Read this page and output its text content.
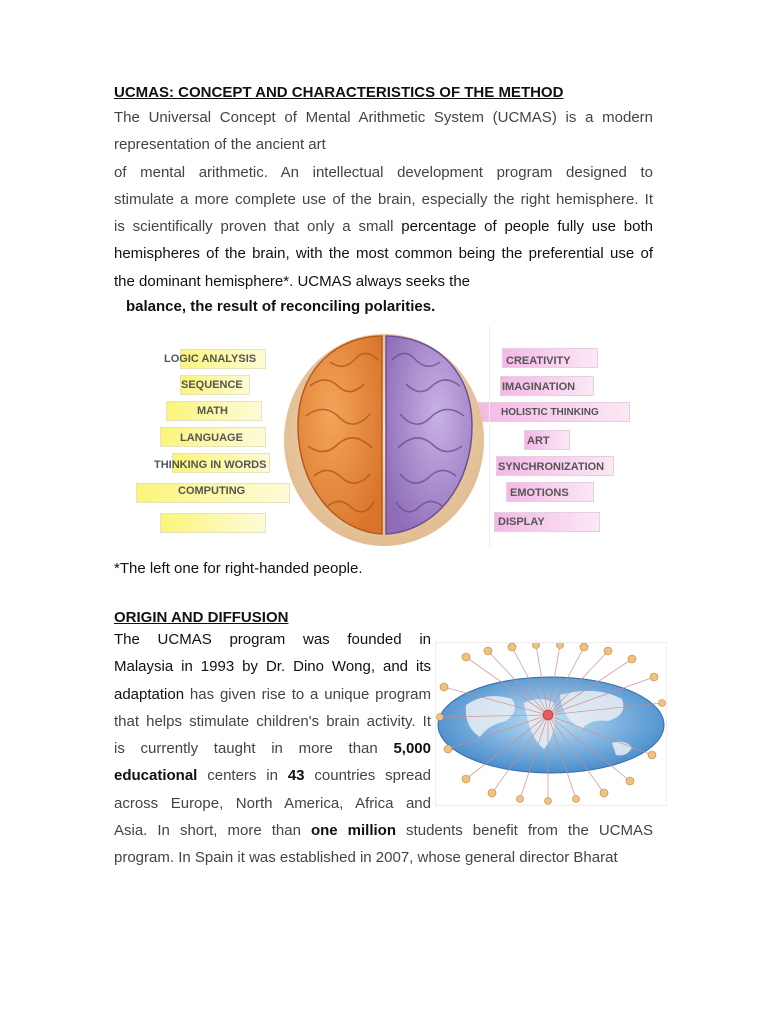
UCMAS: CONCEPT AND CHARACTERISTICS OF THE METHOD
The Universal Concept of Mental Arithmetic System (UCMAS) is a modern
representation of the ancient art
of mental arithmetic. An intellectual development program designed to
stimulate a more complete use of the brain, especially the right hemisphere. It
is scientifically proven that only a small percentage of people fully use both
hemispheres of the brain, with the most common being the preferential use of
the dominant hemisphere*. UCMAS always seeks the
balance, the result of reconciling polarities.
LOGIC ANALYSIS
SEQUENCE
MATH
LANGUAGE
THINKING IN WORDS
COMPUTING
CREATIVITY
IMAGINATION
HOLISTIC THINKING
ART
SYNCHRONIZATION
EMOTIONS
DISPLAY
*The left one for right-handed people.
ORIGIN AND DIFFUSION
The UCMAS program was founded in
Malaysia in 1993 by Dr. Dino Wong, and its
adaptation has given rise to a unique program
that helps stimulate children's brain activity. It
is currently taught in more than 5,000
educational centers in 43 countries spread
across Europe, North America, Africa and
Asia. In short, more than one million students benefit from the UCMAS
program. In Spain it was established in 2007, whose general director Bharat
